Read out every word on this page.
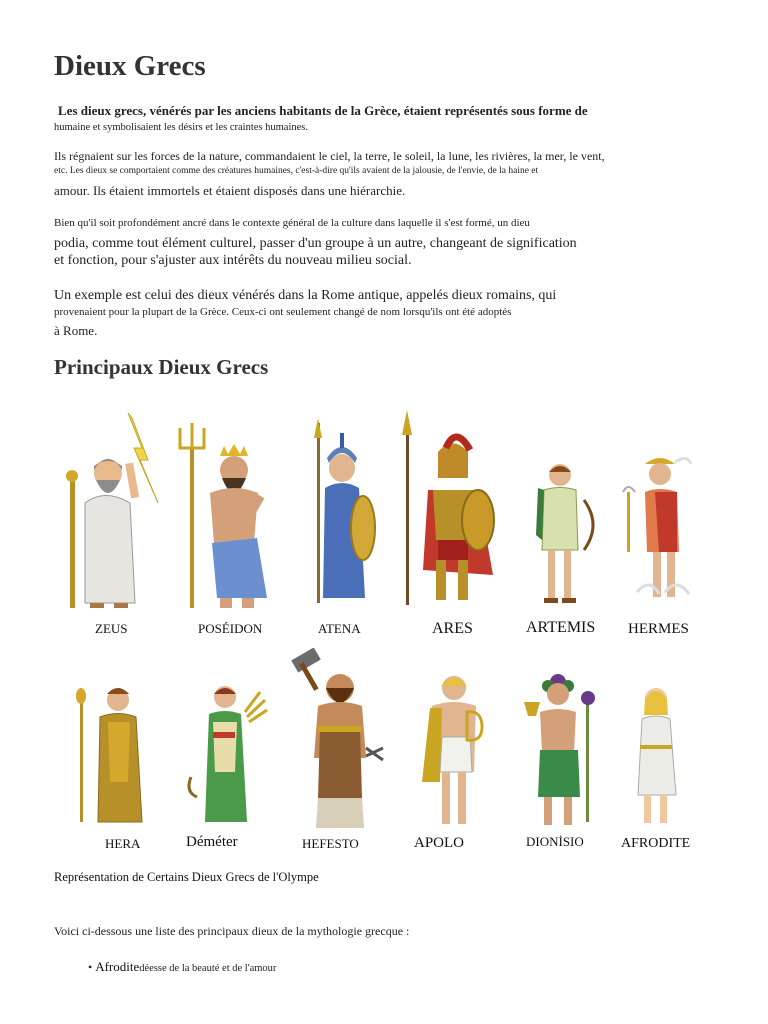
Dieux Grecs

Les dieux grecs, vénérés par les anciens habitants de la Grèce, étaient représentés sous forme de

humaine et symbolisaient les désirs et les craintes humaines.

Ils régnaient sur les forces de la nature, commandaient le ciel, la terre, le soleil, la lune, les rivières, la mer, le vent,

etc. Les dieux se comportaient comme des créatures humaines, c'est-à-dire qu'ils avaient de la jalousie, de l'envie, de la haine et

amour. Ils étaient immortels et étaient disposés dans une hiérarchie.

Bien qu'il soit profondément ancré dans le contexte général de la culture dans laquelle il s'est formé, un dieu

podia, comme tout élément culturel, passer d'un groupe à un autre, changeant de signification

et fonction, pour s'ajuster aux intérêts du nouveau milieu social.

Un exemple est celui des dieux vénérés dans la Rome antique, appelés dieux romains, qui

provenaient pour la plupart de la Grèce. Ceux-ci ont seulement changé de nom lorsqu'ils ont été adoptés

à Rome.

Principaux Dieux Grecs
ZEUS	POSÉIDON	ATENA	ARES	ARTEMIS HERMES
HERA	Déméter	HEFESTO	APOLO	DIONİSIO	AFRODITE

Représentation de Certains Dieux Grecs de l'Olympe

Voici ci-dessous une liste des principaux dieux de la mythologie grecque :

• Afroditedéesse de la beauté et de l'amour
